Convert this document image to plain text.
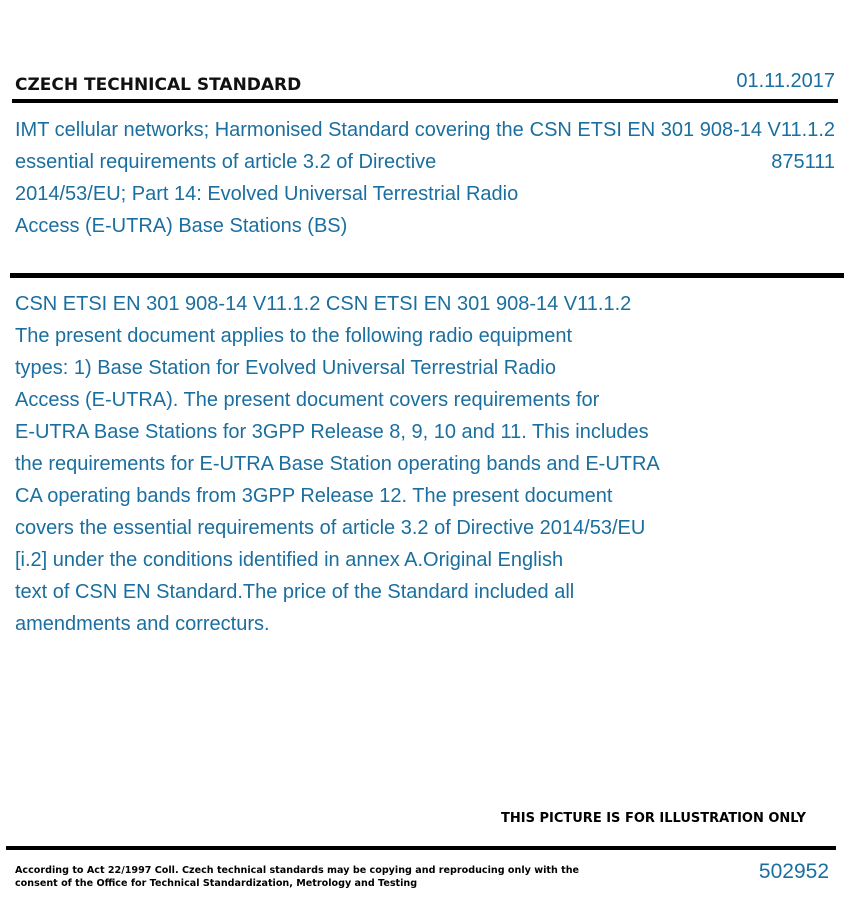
CZECH TECHNICAL STANDARD	01.11.2017
IMT cellular networks; Harmonised Standard covering the essential requirements of article 3.2 of Directive 2014/53/EU; Part 14: Evolved Universal Terrestrial Radio Access (E-UTRA) Base Stations (BS)
CSN ETSI EN 301 908-14 V11.1.2
875111
CSN ETSI EN 301 908-14 V11.1.2 CSN ETSI EN 301 908-14 V11.1.2
The present document applies to the following radio equipment
types: 1) Base Station for Evolved Universal Terrestrial Radio
Access (E-UTRA). The present document covers requirements for
E-UTRA Base Stations for 3GPP Release 8, 9, 10 and 11. This includes
the requirements for E-UTRA Base Station operating bands and E-UTRA
CA operating bands from 3GPP Release 12. The present document
covers the essential requirements of article 3.2 of Directive 2014/53/EU
[i.2] under the conditions identified in annex A.Original English
text of CSN EN Standard.The price of the Standard included all
amendments and correcturs.
THIS PICTURE IS FOR ILLUSTRATION ONLY
According to Act 22/1997 Coll. Czech technical standards may be copying and reproducing only with the consent of the Office for Technical Standardization, Metrology and Testing
502952
